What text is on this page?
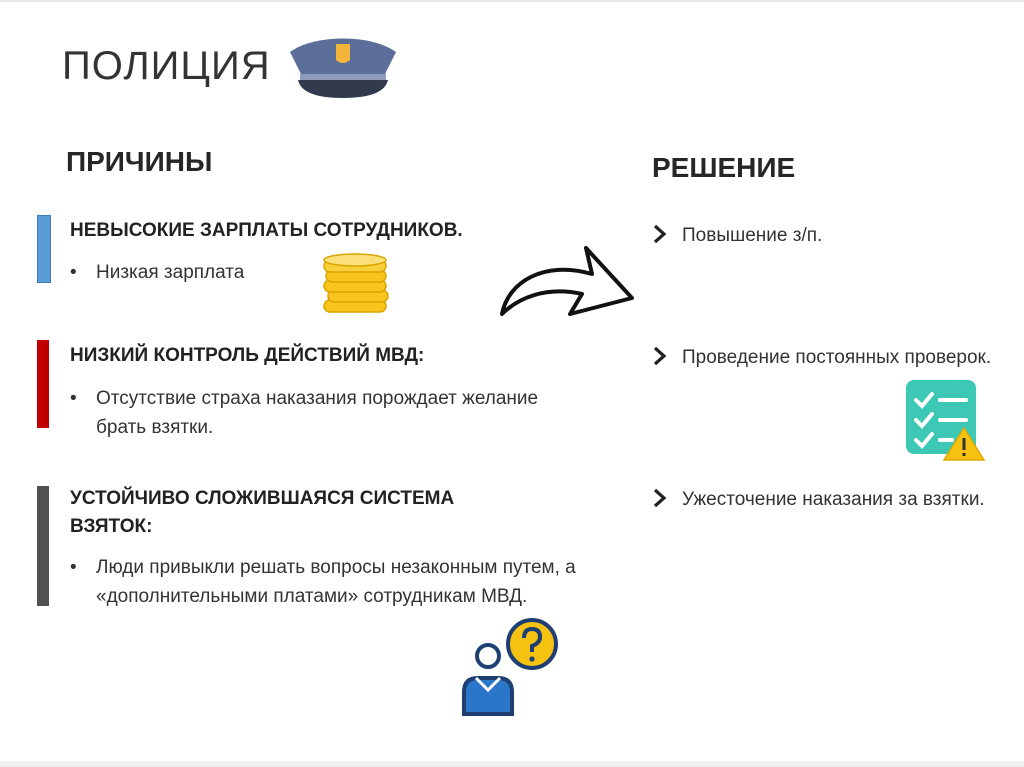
ПОЛИЦИЯ
ПРИЧИНЫ	РЕШЕНИЕ
НЕВЫСОКИЕ ЗАРПЛАТЫ СОТРУДНИКОВ.
• Низкая зарплата
НИЗКИЙ КОНТРОЛЬ ДЕЙСТВИЙ МВД:
• Отсутствие страха наказания порождает желание брать взятки.
УСТОЙЧИВО СЛОЖИВШАЯСЯ СИСТЕМА ВЗЯТОК:
• Люди привыкли решать вопросы незаконным путем, а «дополнительными платами» сотрудникам МВД.
Повышение з/п.
Проведение постоянных проверок.
Ужесточение наказания за взятки.
